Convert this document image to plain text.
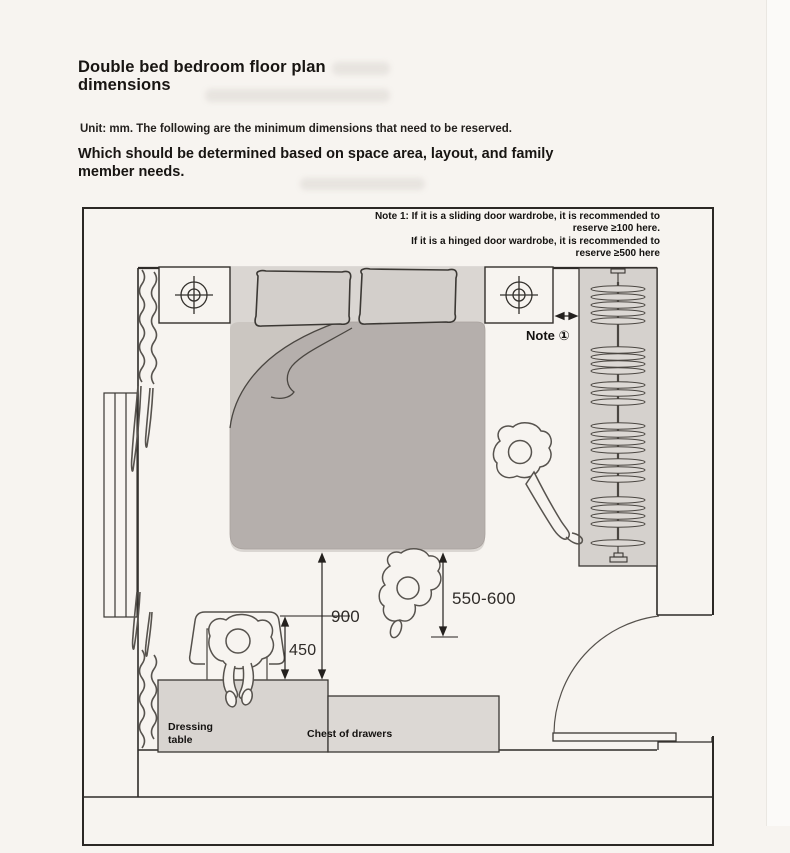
Double bed bedroom floor plan
dimensions
Unit: mm. The following are the minimum dimensions that need to be reserved.
Which should be determined based on space area, layout, and family member needs.
Note 1: If it is a sliding door wardrobe, it is recommended to
reserve ≥100 here.
If it is a hinged door wardrobe, it is recommended to
reserve ≥500 here
Note ①
900
450
550-600
Dressing table	Chest of drawers
